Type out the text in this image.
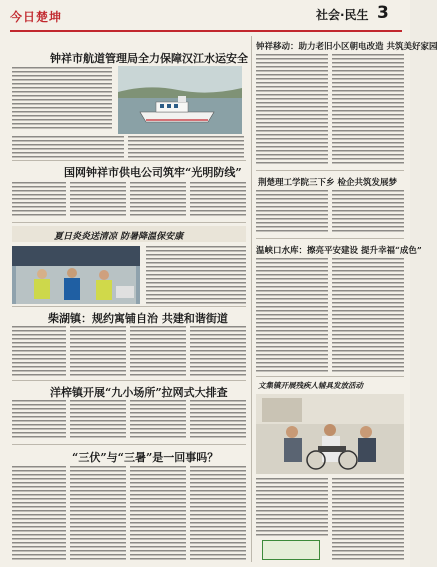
今日楚坤	社会·民生 3
钟祥市航道管理局全力保障汉江水运安全
国网钟祥市供电公司筑牢“光明防线”
夏日炎炎送清凉 防暑降温保安康
柴湖镇：规约寓铺自治 共建和谐街道
洋梓镇开展“九小场所”拉网式大排查
“三伏”与“三暑”是一回事吗？
钟祥移动：助力老旧小区朝电改造 共筑美好家园
荆楚理工学院三下乡 检企共筑发展梦
温峡口水库：擦亮平安建设 提升幸福“成色”
文集镇开展残疾人辅具发放活动
